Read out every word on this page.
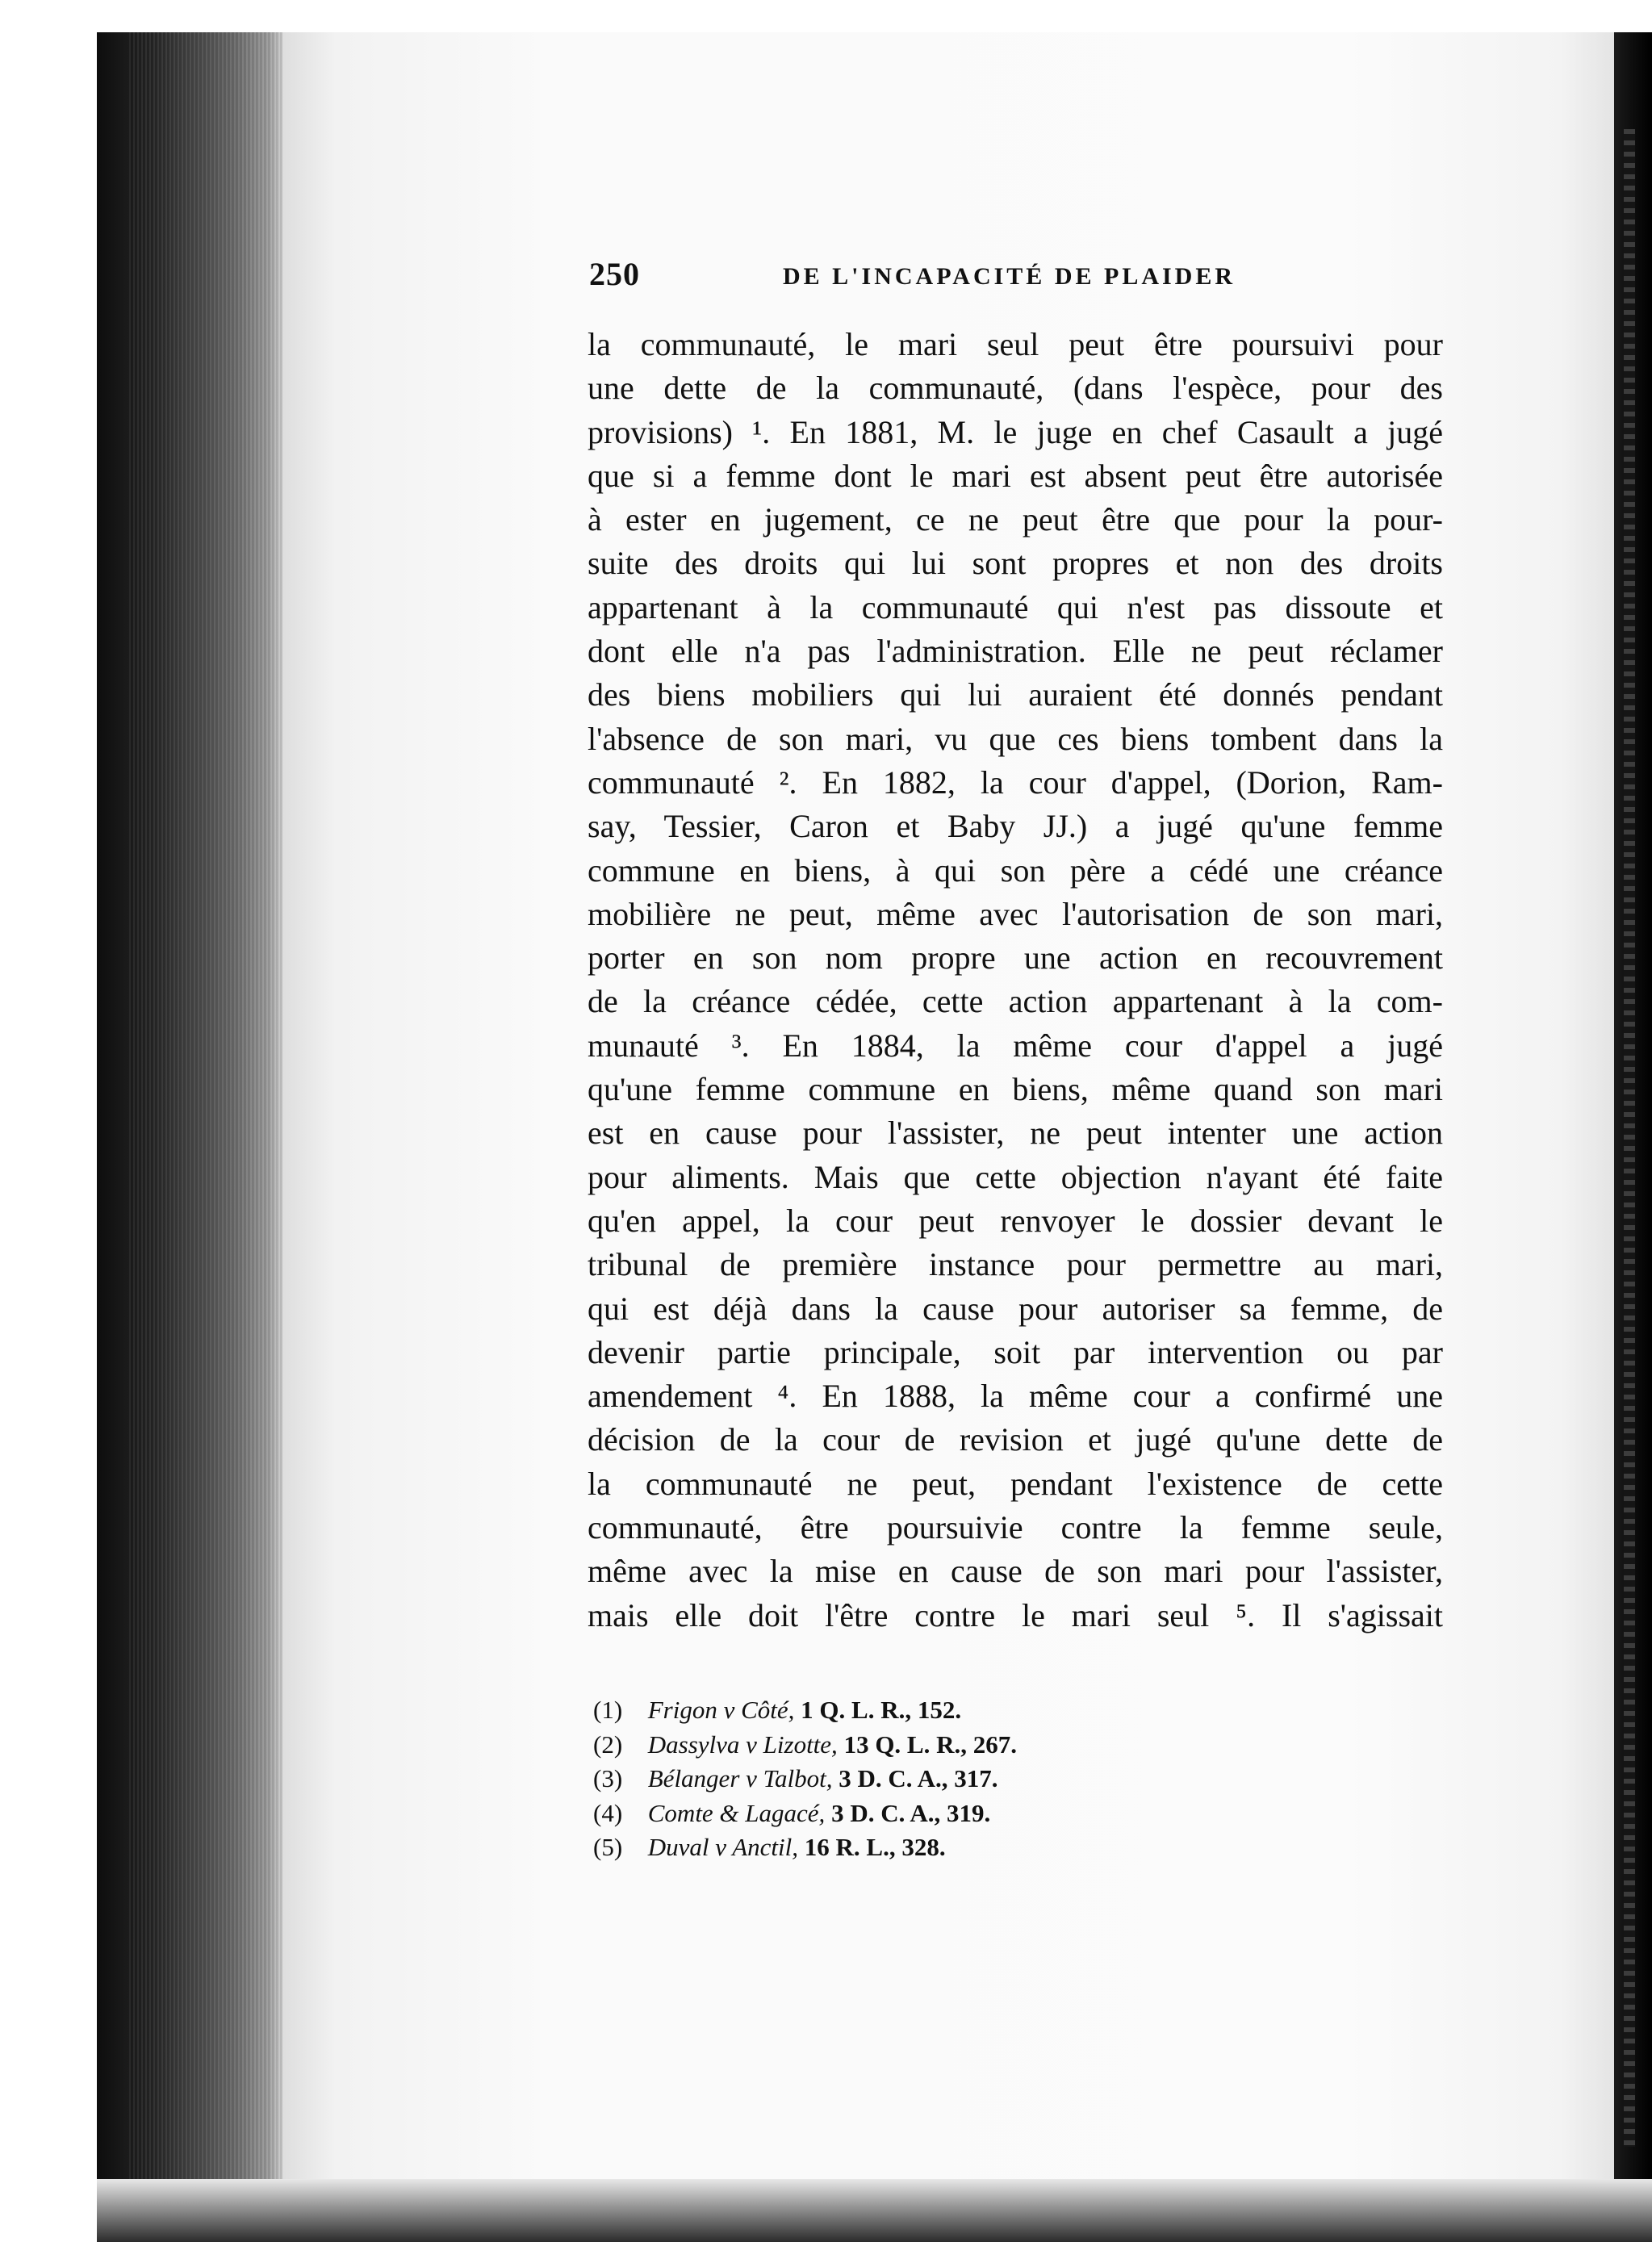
250	DE L'INCAPACITÉ DE PLAIDER
la communauté, le mari seul peut être poursuivi pour
une dette de la communauté, (dans l'espèce, pour des
provisions) ¹. En 1881, M. le juge en chef Casault a jugé
que si a femme dont le mari est absent peut être autorisée
à ester en jugement, ce ne peut être que pour la pour-
suite des droits qui lui sont propres et non des droits
appartenant à la communauté qui n'est pas dissoute et
dont elle n'a pas l'administration. Elle ne peut réclamer
des biens mobiliers qui lui auraient été donnés pendant
l'absence de son mari, vu que ces biens tombent dans la
communauté ². En 1882, la cour d'appel, (Dorion, Ram-
say, Tessier, Caron et Baby JJ.) a jugé qu'une femme
commune en biens, à qui son père a cédé une créance
mobilière ne peut, même avec l'autorisation de son mari,
porter en son nom propre une action en recouvrement
de la créance cédée, cette action appartenant à la com-
munauté ³. En 1884, la même cour d'appel a jugé
qu'une femme commune en biens, même quand son mari
est en cause pour l'assister, ne peut intenter une action
pour aliments. Mais que cette objection n'ayant été faite
qu'en appel, la cour peut renvoyer le dossier devant le
tribunal de première instance pour permettre au mari,
qui est déjà dans la cause pour autoriser sa femme, de
devenir partie principale, soit par intervention ou par
amendement ⁴. En 1888, la même cour a confirmé une
décision de la cour de revision et jugé qu'une dette de
la communauté ne peut, pendant l'existence de cette
communauté, être poursuivie contre la femme seule,
même avec la mise en cause de son mari pour l'assister,
mais elle doit l'être contre le mari seul ⁵. Il s'agissait
(1) Frigon v Côté, 1 Q. L. R., 152.
(2) Dassylva v Lizotte, 13 Q. L. R., 267.
(3) Bélanger v Talbot, 3 D. C. A., 317.
(4) Comte & Lagacé, 3 D. C. A., 319.
(5) Duval v Anctil, 16 R. L., 328.
